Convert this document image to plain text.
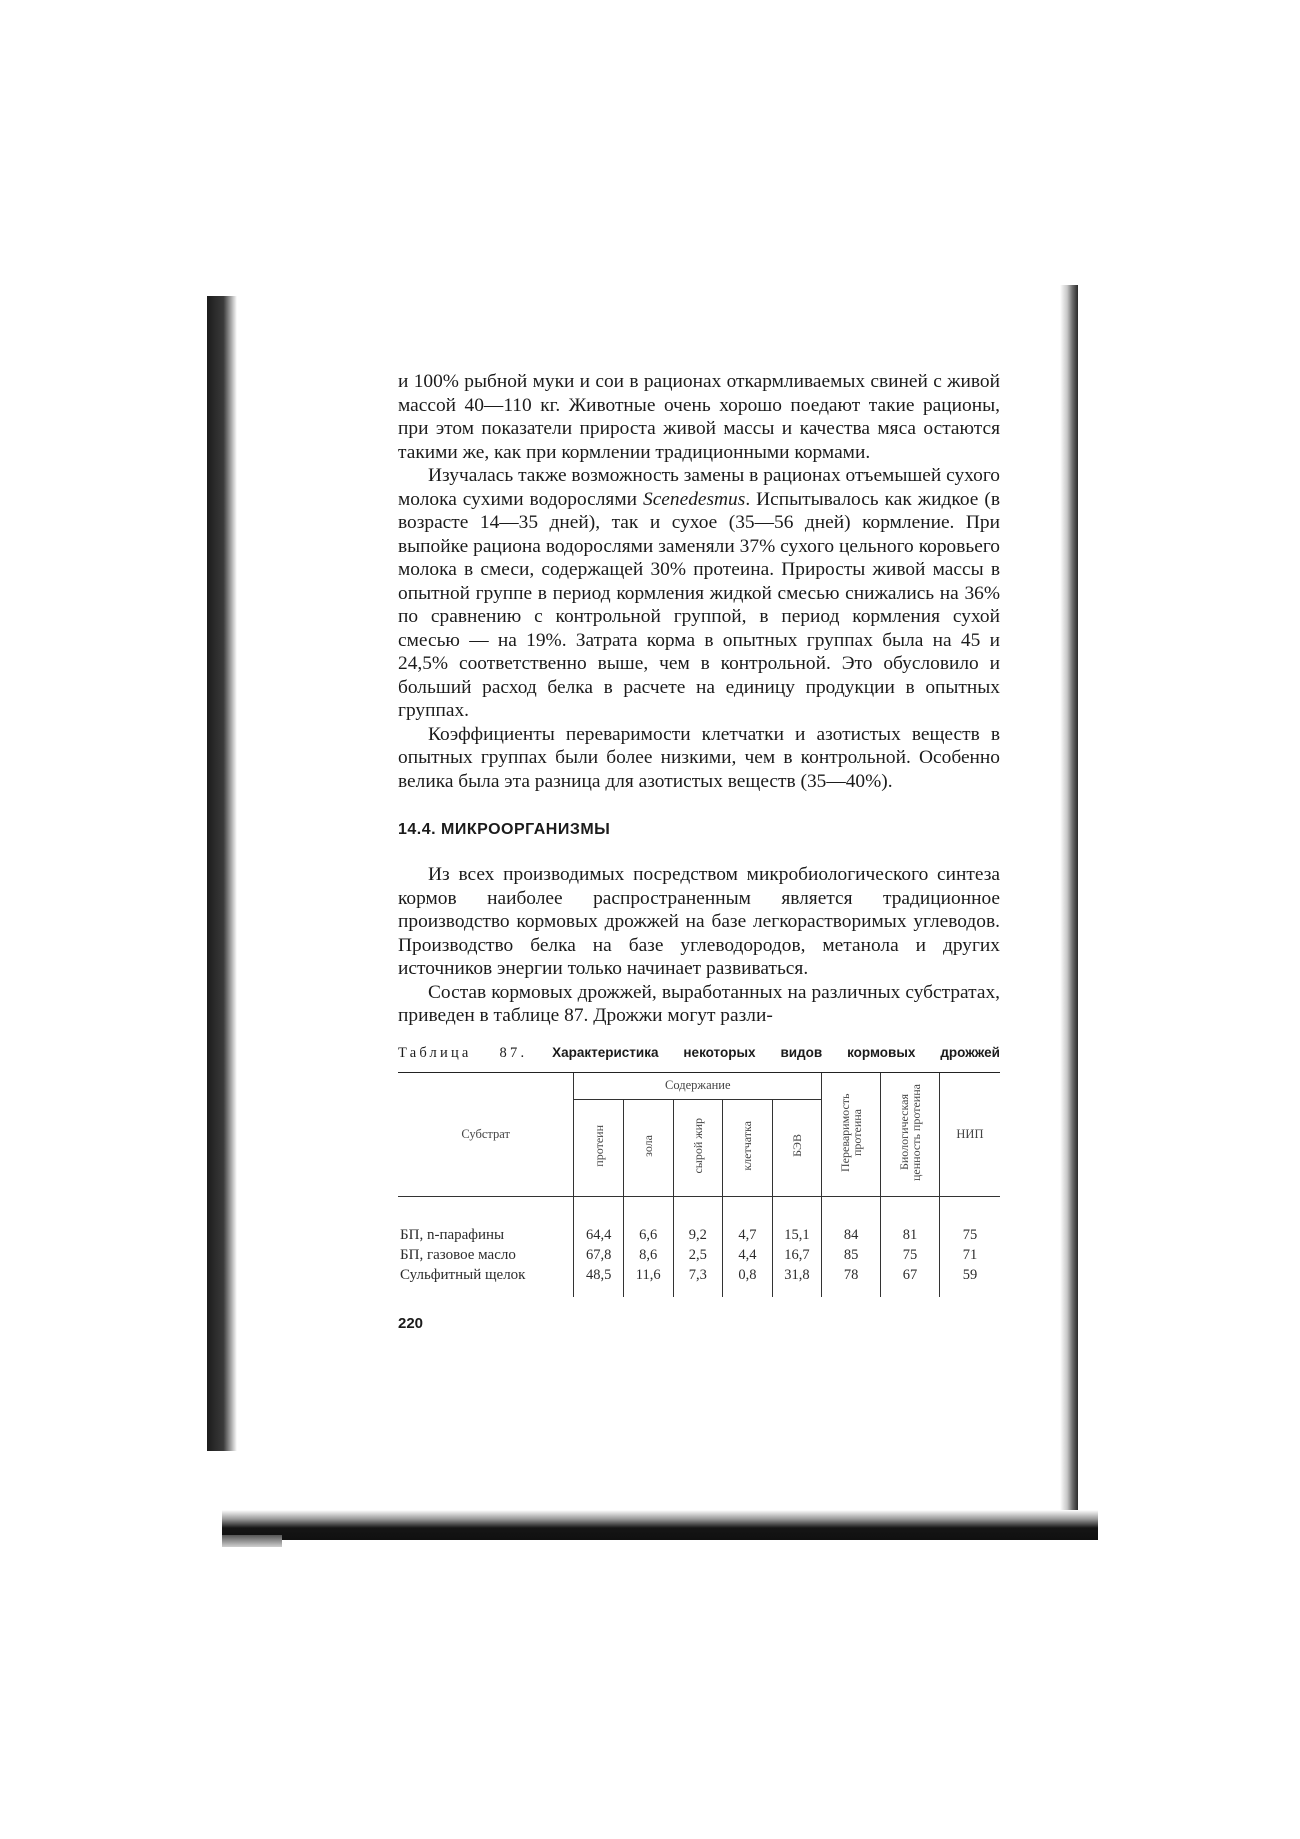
и 100% рыбной муки и сои в рационах откармливаемых свиней с живой массой 40—110 кг. Животные очень хорошо поедают такие рационы, при этом показатели прироста живой массы и качества мяса остаются такими же, как при кормлении традиционными кормами.

Изучалась также возможность замены в рационах отъемышей сухого молока сухими водорослями Scenedesmus. Испытывалось как жидкое (в возрасте 14—35 дней), так и сухое (35—56 дней) кормление. При выпойке рациона водорослями заменяли 37% сухого цельного коровьего молока в смеси, содержащей 30% протеина. Приросты живой массы в опытной группе в период кормления жидкой смесью снижались на 36% по сравнению с контрольной группой, в период кормления сухой смесью — на 19%. Затрата корма в опытных группах была на 45 и 24,5% соответственно выше, чем в контрольной. Это обусловило и больший расход белка в расчете на единицу продукции в опытных группах.

Коэффициенты переваримости клетчатки и азотистых веществ в опытных группах были более низкими, чем в контрольной. Особенно велика была эта разница для азотистых веществ (35—40%).

14.4. МИКРООРГАНИЗМЫ

Из всех производимых посредством микробиологического синтеза кормов наиболее распространенным является традиционное производство кормовых дрожжей на базе легкорастворимых углеводов. Производство белка на базе углеводородов, метанола и других источников энергии только начинает развиваться.

Состав кормовых дрожжей, выработанных на различных субстратах, приведен в таблице 87. Дрожжи могут разли-

Таблица 87. Характеристика некоторых видов кормовых дрожжей
Субстрат	Содержание					Переваримость протеина	Биологическая ценность протеина	НИП
	протеин	зола	сырой жир	клетчатка	БЭВ			
БП, n-парафины	64,4	6,6	9,2	4,7	15,1	84	81	75
БП, газовое масло	67,8	8,6	2,5	4,4	16,7	85	75	71
Сульфитный щелок	48,5	11,6	7,3	0,8	31,8	78	67	59
220
